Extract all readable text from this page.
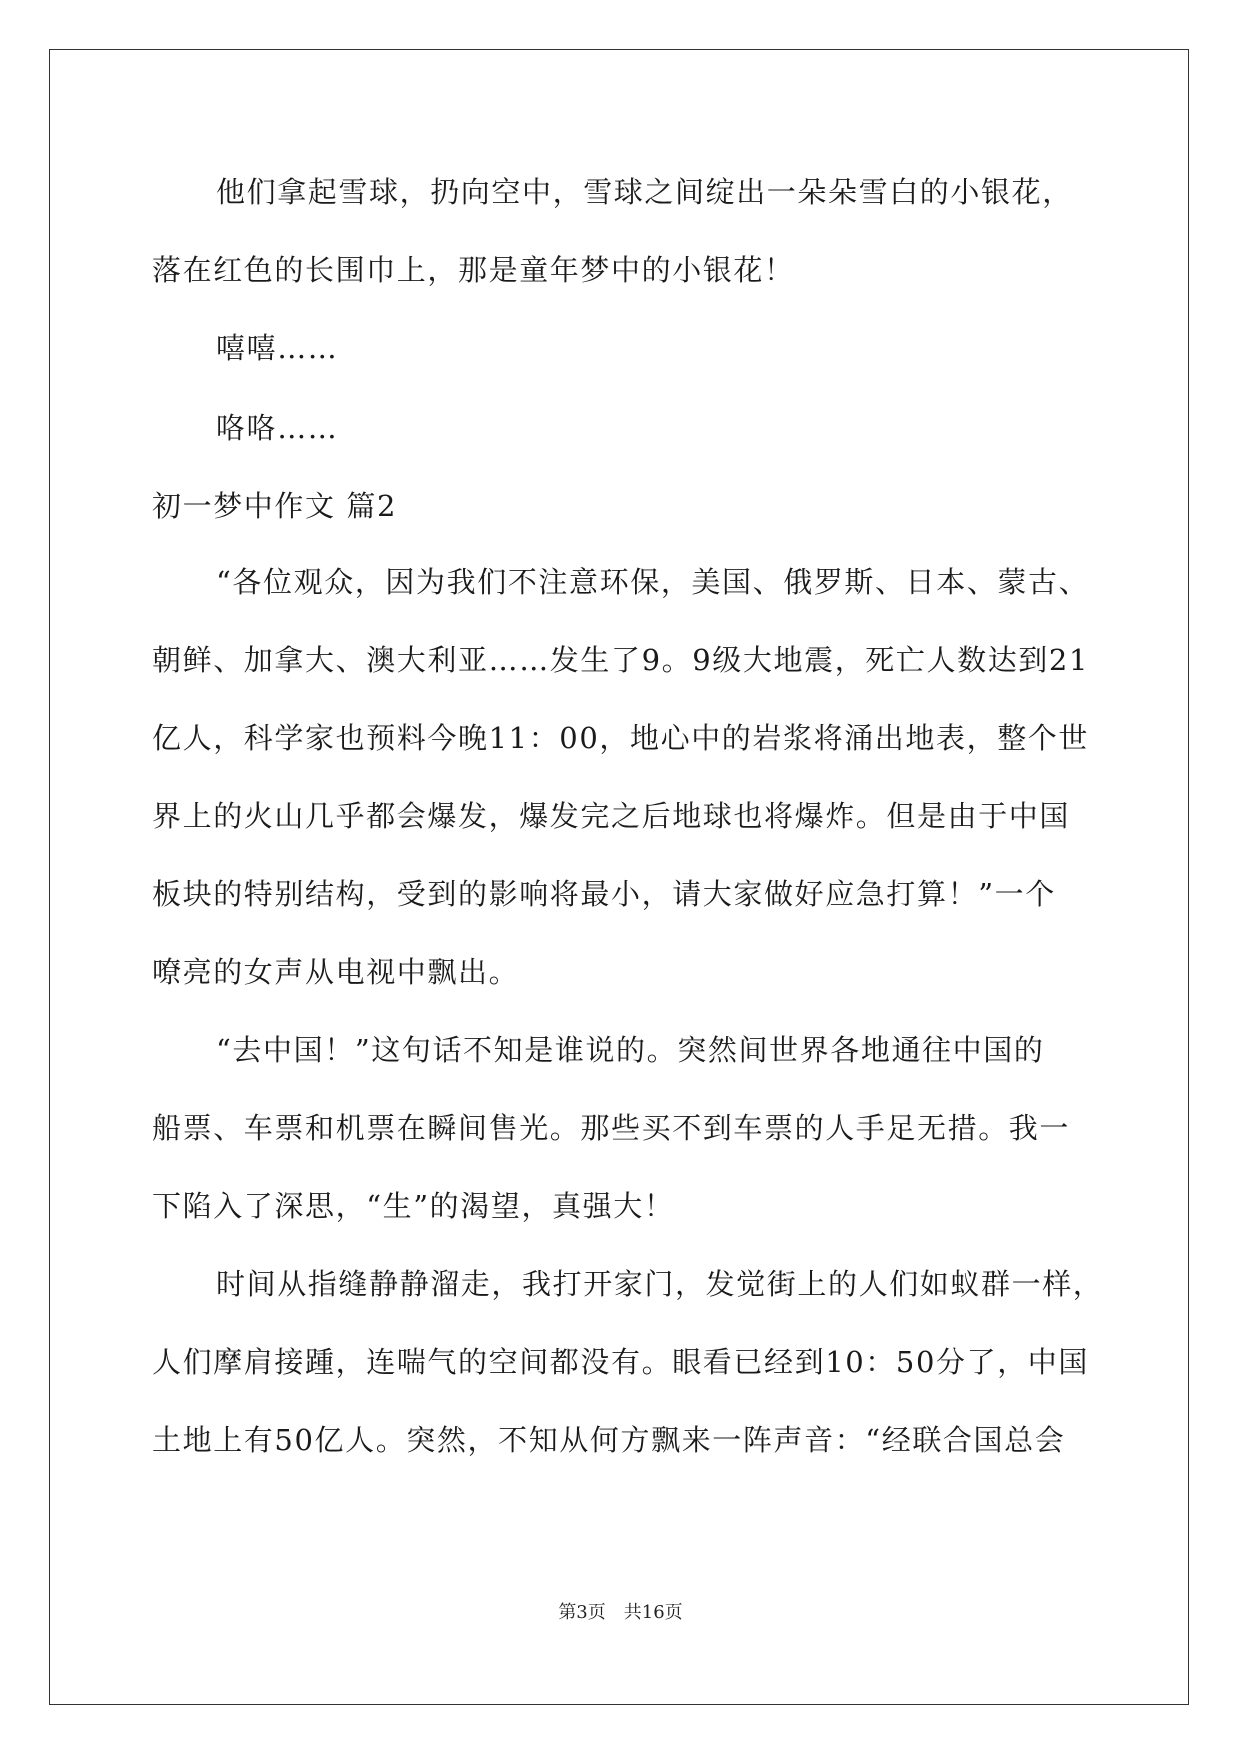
他们拿起雪球，扔向空中，雪球之间绽出一朵朵雪白的小银花，
落在红色的长围巾上，那是童年梦中的小银花！
嘻嘻……
咯咯……
初一梦中作文 篇2
“各位观众，因为我们不注意环保，美国、俄罗斯、日本、蒙古、
朝鲜、加拿大、澳大利亚……发生了9。9级大地震，死亡人数达到21
亿人，科学家也预料今晚11：00，地心中的岩浆将涌出地表，整个世
界上的火山几乎都会爆发，爆发完之后地球也将爆炸。但是由于中国
板块的特别结构，受到的影响将最小，请大家做好应急打算！”一个
嘹亮的女声从电视中飘出。
“去中国！”这句话不知是谁说的。突然间世界各地通往中国的
船票、车票和机票在瞬间售光。那些买不到车票的人手足无措。我一
下陷入了深思，“生”的渴望，真强大！
时间从指缝静静溜走，我打开家门，发觉街上的人们如蚁群一样，
人们摩肩接踵，连喘气的空间都没有。眼看已经到10：50分了，中国
土地上有50亿人。突然，不知从何方飘来一阵声音：“经联合国总会
第3页　共16页
